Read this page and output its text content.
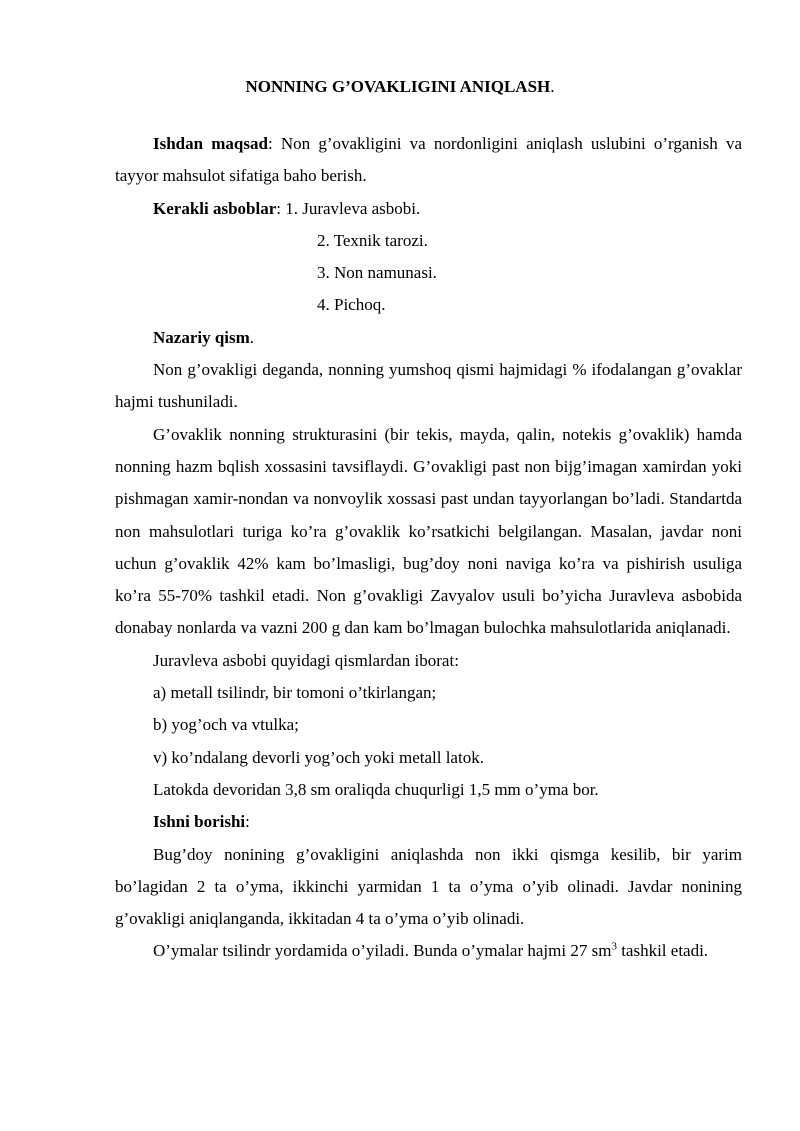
NONNING G’OVAKLIGINI ANIQLASH.

Ishdan maqsad: Non g’ovakligini va nordonligini aniqlash uslubini o’rganish va tayyor mahsulot sifatiga baho berish.

Kerakli asboblar: 1. Juravleva asbobi.

2. Texnik tarozi.

3. Non namunasi.

4. Pichoq.

Nazariy qism.

Non g’ovakligi deganda, nonning yumshoq qismi hajmidagi % ifodalangan g’ovaklar hajmi tushuniladi.

G’ovaklik nonning strukturasini (bir tekis, mayda, qalin, notekis g’ovaklik) hamda nonning hazm bqlish xossasini tavsiflaydi. G’ovakligi past non bijg’imagan xamirdan yoki pishmagan xamir-nondan va nonvoylik xossasi past undan tayyorlangan bo’ladi. Standartda non mahsulotlari turiga ko’ra g’ovaklik ko’rsatkichi belgilangan. Masalan, javdar noni uchun g’ovaklik 42% kam bo’lmasligi, bug’doy noni naviga ko’ra va pishirish usuliga ko’ra 55-70% tashkil etadi. Non g’ovakligi Zavyalov usuli bo’yicha Juravleva asbobida donabay nonlarda va vazni 200 g dan kam bo’lmagan bulochka mahsulotlarida aniqlanadi.

Juravleva asbobi quyidagi qismlardan iborat:

a) metall tsilindr, bir tomoni o’tkirlangan;

b) yog’och va vtulka;

v) ko’ndalang devorli yog’och yoki metall latok.

Latokda devoridan 3,8 sm oraliqda chuqurligi 1,5 mm o’yma bor.

Ishni borishi:

Bug’doy nonining g’ovakligini aniqlashda non ikki qismga kesilib, bir yarim bo’lagidan 2 ta o’yma, ikkinchi yarmidan 1 ta o’yma o’yib olinadi. Javdar nonining g’ovakligi aniqlanganda, ikkitadan 4 ta o’yma o’yib olinadi.

O’ymalar tsilindr yordamida o’yiladi. Bunda o’ymalar hajmi 27 $sm^3$ tashkil etadi.
